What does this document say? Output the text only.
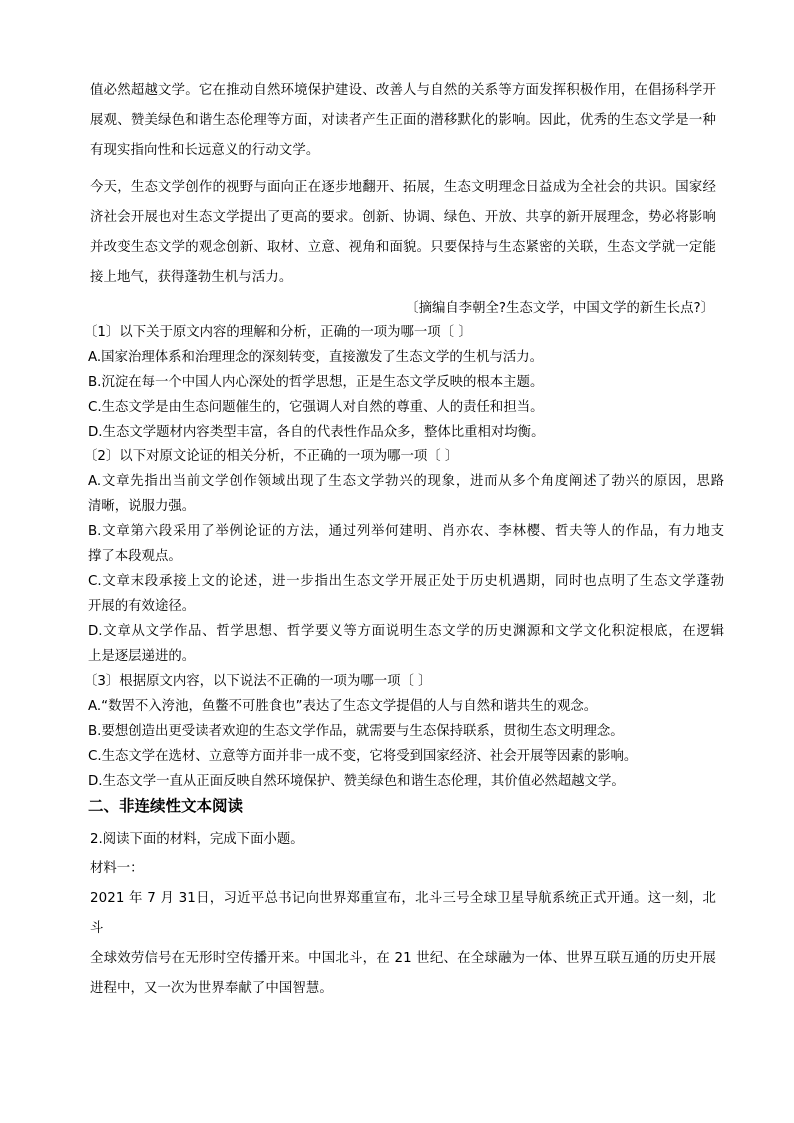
值必然超越文学。它在推动自然环境保护建设、改善人与自然的关系等方面发挥积极作用，在倡扬科学开
展观、赞美绿色和谐生态伦理等方面，对读者产生正面的潜移默化的影响。因此，优秀的生态文学是一种
有现实指向性和长远意义的行动文学。
今天，生态文学创作的视野与面向正在逐步地翻开、拓展，生态文明理念日益成为全社会的共识。国家经
济社会开展也对生态文学提出了更高的要求。创新、协调、绿色、开放、共享的新开展理念，势必将影响
并改变生态文学的观念创新、取材、立意、视角和面貌。只要保持与生态紧密的关联，生态文学就一定能
接上地气，获得蓬勃生机与活力。
〔摘编自李朝全?生态文学，中国文学的新生长点?〕
〔1〕以下关于原文内容的理解和分析，正确的一项为哪一项〔 〕
A.国家治理体系和治理理念的深刻转变，直接激发了生态文学的生机与活力。
B.沉淀在每一个中国人内心深处的哲学思想，正是生态文学反映的根本主题。
C.生态文学是由生态问题催生的，它强调人对自然的尊重、人的责任和担当。
D.生态文学题材内容类型丰富，各自的代表性作品众多，整体比重相对均衡。
〔2〕以下对原文论证的相关分析，不正确的一项为哪一项〔 〕
A.文章先指出当前文学创作领域出现了生态文学勃兴的现象，进而从多个角度阐述了勃兴的原因，思路
清晰，说服力强。
B.文章第六段采用了举例论证的方法，通过列举何建明、肖亦农、李林樱、哲夫等人的作品，有力地支
撑了本段观点。
C.文章末段承接上文的论述，进一步指出生态文学开展正处于历史机遇期，同时也点明了生态文学蓬勃
开展的有效途径。
D.文章从文学作品、哲学思想、哲学要义等方面说明生态文学的历史渊源和文学文化积淀根底，在逻辑
上是逐层递进的。
〔3〕根据原文内容，以下说法不正确的一项为哪一项〔 〕
A.“数罟不入洿池，鱼鳖不可胜食也”表达了生态文学提倡的人与自然和谐共生的观念。
B.要想创造出更受读者欢迎的生态文学作品，就需要与生态保持联系，贯彻生态文明理念。
C.生态文学在选材、立意等方面并非一成不变，它将受到国家经济、社会开展等因素的影响。
D.生态文学一直从正面反映自然环境保护、赞美绿色和谐生态伦理，其价值必然超越文学。
二、非连续性文本阅读
2.阅读下面的材料，完成下面小题。
材料一：
2021 年 7 月 31日，习近平总书记向世界郑重宣布，北斗三号全球卫星导航系统正式开通。这一刻，北斗
全球效劳信号在无形时空传播开来。中国北斗，在 21 世纪、在全球融为一体、世界互联互通的历史开展
进程中，又一次为世界奉献了中国智慧。
